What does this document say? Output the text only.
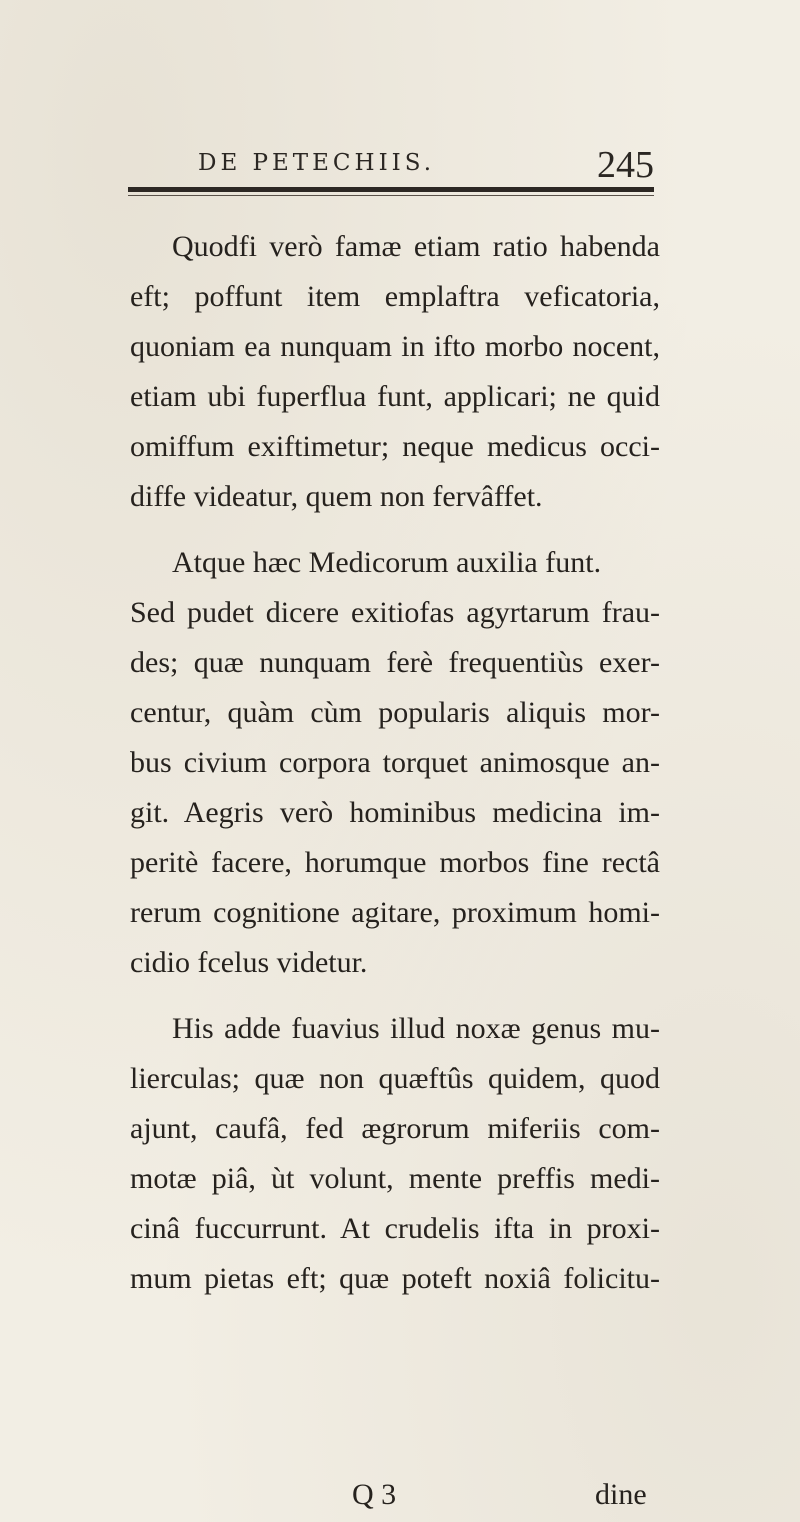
DE PETECHIIS.	245
Quodfi verò famæ etiam ratio habenda
eft; poffunt item emplaftra veficatoria,
quoniam ea nunquam in ifto morbo nocent,
etiam ubi fuperflua funt, applicari; ne quid
omiffum exiftimetur; neque medicus occi-
diffe videatur, quem non fervâffet.
Atque hæc Medicorum auxilia funt.
Sed pudet dicere exitiofas agyrtarum frau-
des; quæ nunquam ferè frequentiùs exer-
centur, quàm cùm popularis aliquis mor-
bus civium corpora torquet animosque an-
git. Aegris verò hominibus medicina im-
peritè facere, horumque morbos fine rectâ
rerum cognitione agitare, proximum homi-
cidio fcelus videtur.
His adde fuavius illud noxæ genus mu-
lierculas; quæ non quæftûs quidem, quod
ajunt, caufâ, fed ægrorum miferiis com-
motæ piâ, ùt volunt, mente preffis medi-
cinâ fuccurrunt. At crudelis ifta in proxi-
mum pietas eft; quæ poteft noxiâ folicitu-
Q 3	dine
